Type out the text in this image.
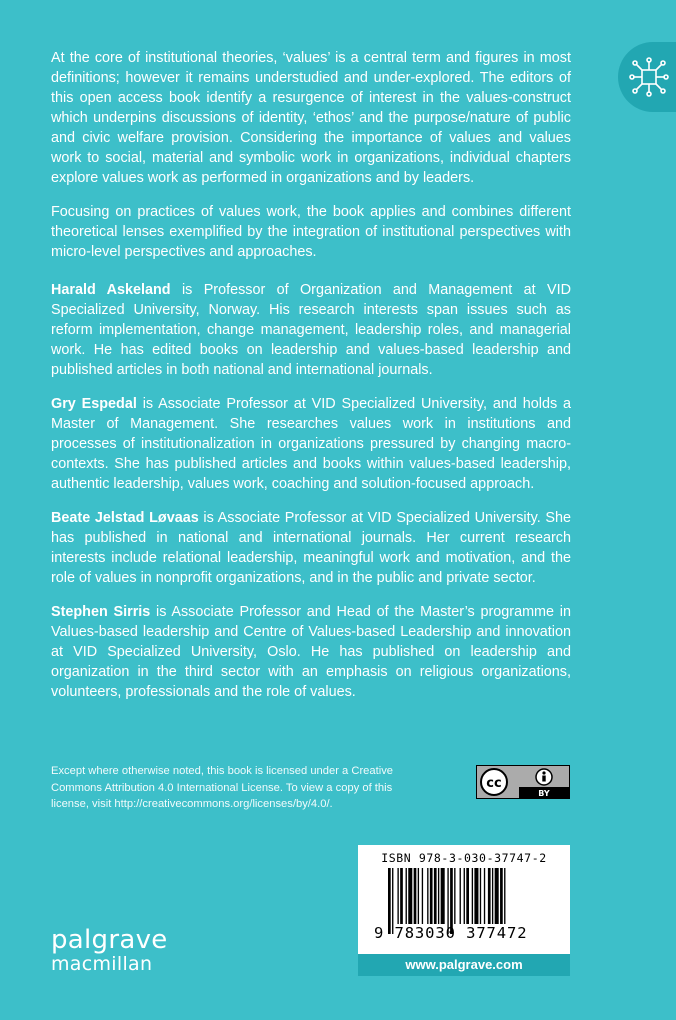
At the core of institutional theories, ‘values’ is a central term and figures in most definitions; however it remains understudied and under-explored. The editors of this open access book identify a resurgence of interest in the values-construct which underpins discussions of identity, ‘ethos’ and the purpose/nature of public and civic welfare provision. Considering the importance of values and values work to social, material and symbolic work in organizations, individual chapters explore values work as performed in organizations and by leaders.

Focusing on practices of values work, the book applies and combines different theoretical lenses exemplified by the integration of institutional perspectives with micro-level perspectives and approaches.

Harald Askeland is Professor of Organization and Management at VID Specialized University, Norway. His research interests span issues such as reform implementation, change management, leadership roles, and managerial work. He has edited books on leadership and values-based leadership and published articles in both national and international journals.

Gry Espedal is Associate Professor at VID Specialized University, and holds a Master of Management. She researches values work in institutions and processes of institutionalization in organizations pressured by changing macro-contexts. She has published articles and books within values-based leadership, authentic leadership, values work, coaching and solution-focused approach.

Beate Jelstad Løvaas is Associate Professor at VID Specialized University. She has published in national and international journals. Her current research interests include relational leadership, meaningful work and motivation, and the role of values in nonprofit organizations, and in the public and private sector.

Stephen Sirris is Associate Professor and Head of the Master’s programme in Values-based leadership and Centre of Values-based Leadership and innovation at VID Specialized University, Oslo. He has published on leadership and organization in the third sector with an emphasis on religious organizations, volunteers, professionals and the role of values.

Except where otherwise noted, this book is licensed under a Creative Commons Attribution 4.0 International License. To view a copy of this license, visit http://creativecommons.org/licenses/by/4.0/.
cc
BY
ISBN 978-3-030-37747-2
9 783030 377472
www.palgrave.com
palgrave
macmillan
